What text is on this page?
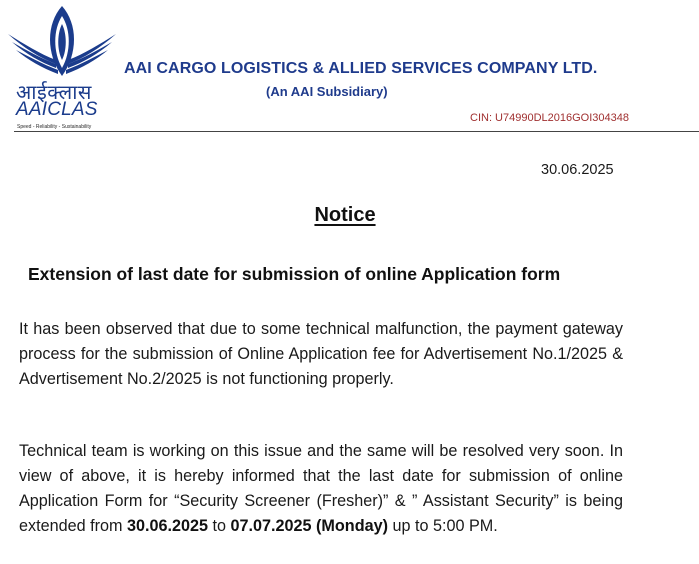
आईक्लास
AAICLAS
Speed - Reliability - Sustainability
AAI CARGO LOGISTICS & ALLIED SERVICES COMPANY LTD.
(An AAI Subsidiary)
CIN: U74990DL2016GOI304348
30.06.2025
Notice
Extension of last date for submission of online Application form
It has been observed that due to some technical malfunction, the payment gateway process for the submission of Online Application fee for Advertisement No.1/2025 & Advertisement No.2/2025 is not functioning properly.
Technical team is working on this issue and the same will be resolved very soon. In view of above, it is hereby informed that the last date for submission of online Application Form for “Security Screener (Fresher)” & ” Assistant Security” is being extended from 30.06.2025 to 07.07.2025 (Monday) up to 5:00 PM.
